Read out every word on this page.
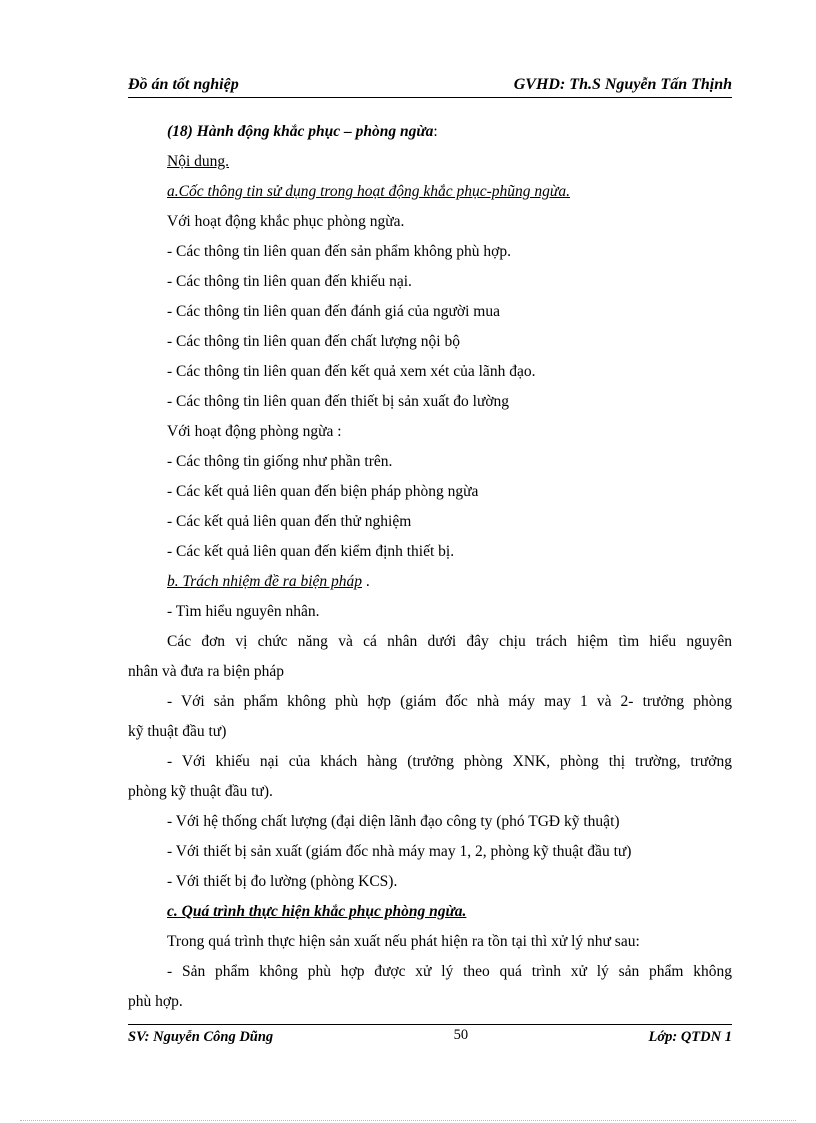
Đồ án tốt nghiệp	GVHD: Th.S Nguyễn Tấn Thịnh

(18) Hành động khắc phục – phòng ngừa:

Nội dung.

a.Cốc thông tin sử dụng trong hoạt động khắc phục-phũng ngừa.

Với hoạt động khắc phục phòng ngừa.

- Các thông tin liên quan đến sản phẩm không phù hợp.

- Các thông tin liên quan đến khiếu nại.

- Các thông tin liên quan đến đánh giá của người mua

- Các thông tin liên quan đến chất lượng nội bộ

- Các thông tin liên quan đến kết quả xem xét của lãnh đạo.

- Các thông tin liên quan đến thiết bị sản xuất đo lường

Với hoạt động phòng ngừa :

- Các thông tin giống như phần trên.

- Các kết quả liên quan đến biện pháp phòng ngừa

- Các kết quả liên quan đến thử nghiệm

- Các kết quả liên quan đến kiểm định thiết bị.

b. Trách nhiệm đề ra biện pháp .

- Tìm hiểu nguyên nhân.

Các đơn vị chức năng và cá nhân dưới đây chịu trách hiệm tìm hiểu nguyên

nhân và đưa ra biện pháp

- Với sản phẩm không phù hợp (giám đốc nhà máy may 1 và 2- trưởng phòng

kỹ thuật đầu tư)

- Với khiếu nại của khách hàng (trưởng phòng XNK, phòng thị trường, trưởng

phòng kỹ thuật đầu tư).

- Với hệ thống chất lượng (đại diện lãnh đạo công ty (phó TGĐ kỹ thuật)

- Với thiết bị sản xuất (giám đốc nhà máy may 1, 2, phòng kỹ thuật đầu tư)

- Với thiết bị đo lường (phòng KCS).

c. Quá trình thực hiện khắc phục phòng ngừa.

Trong quá trình thực hiện sản xuất nếu phát hiện ra tồn tại thì xử lý như sau:

- Sản phẩm không phù hợp được xử lý theo quá trình xử lý sản phẩm không

phù hợp.

SV: Nguyễn Công Dũng	50	Lớp: QTDN 1
